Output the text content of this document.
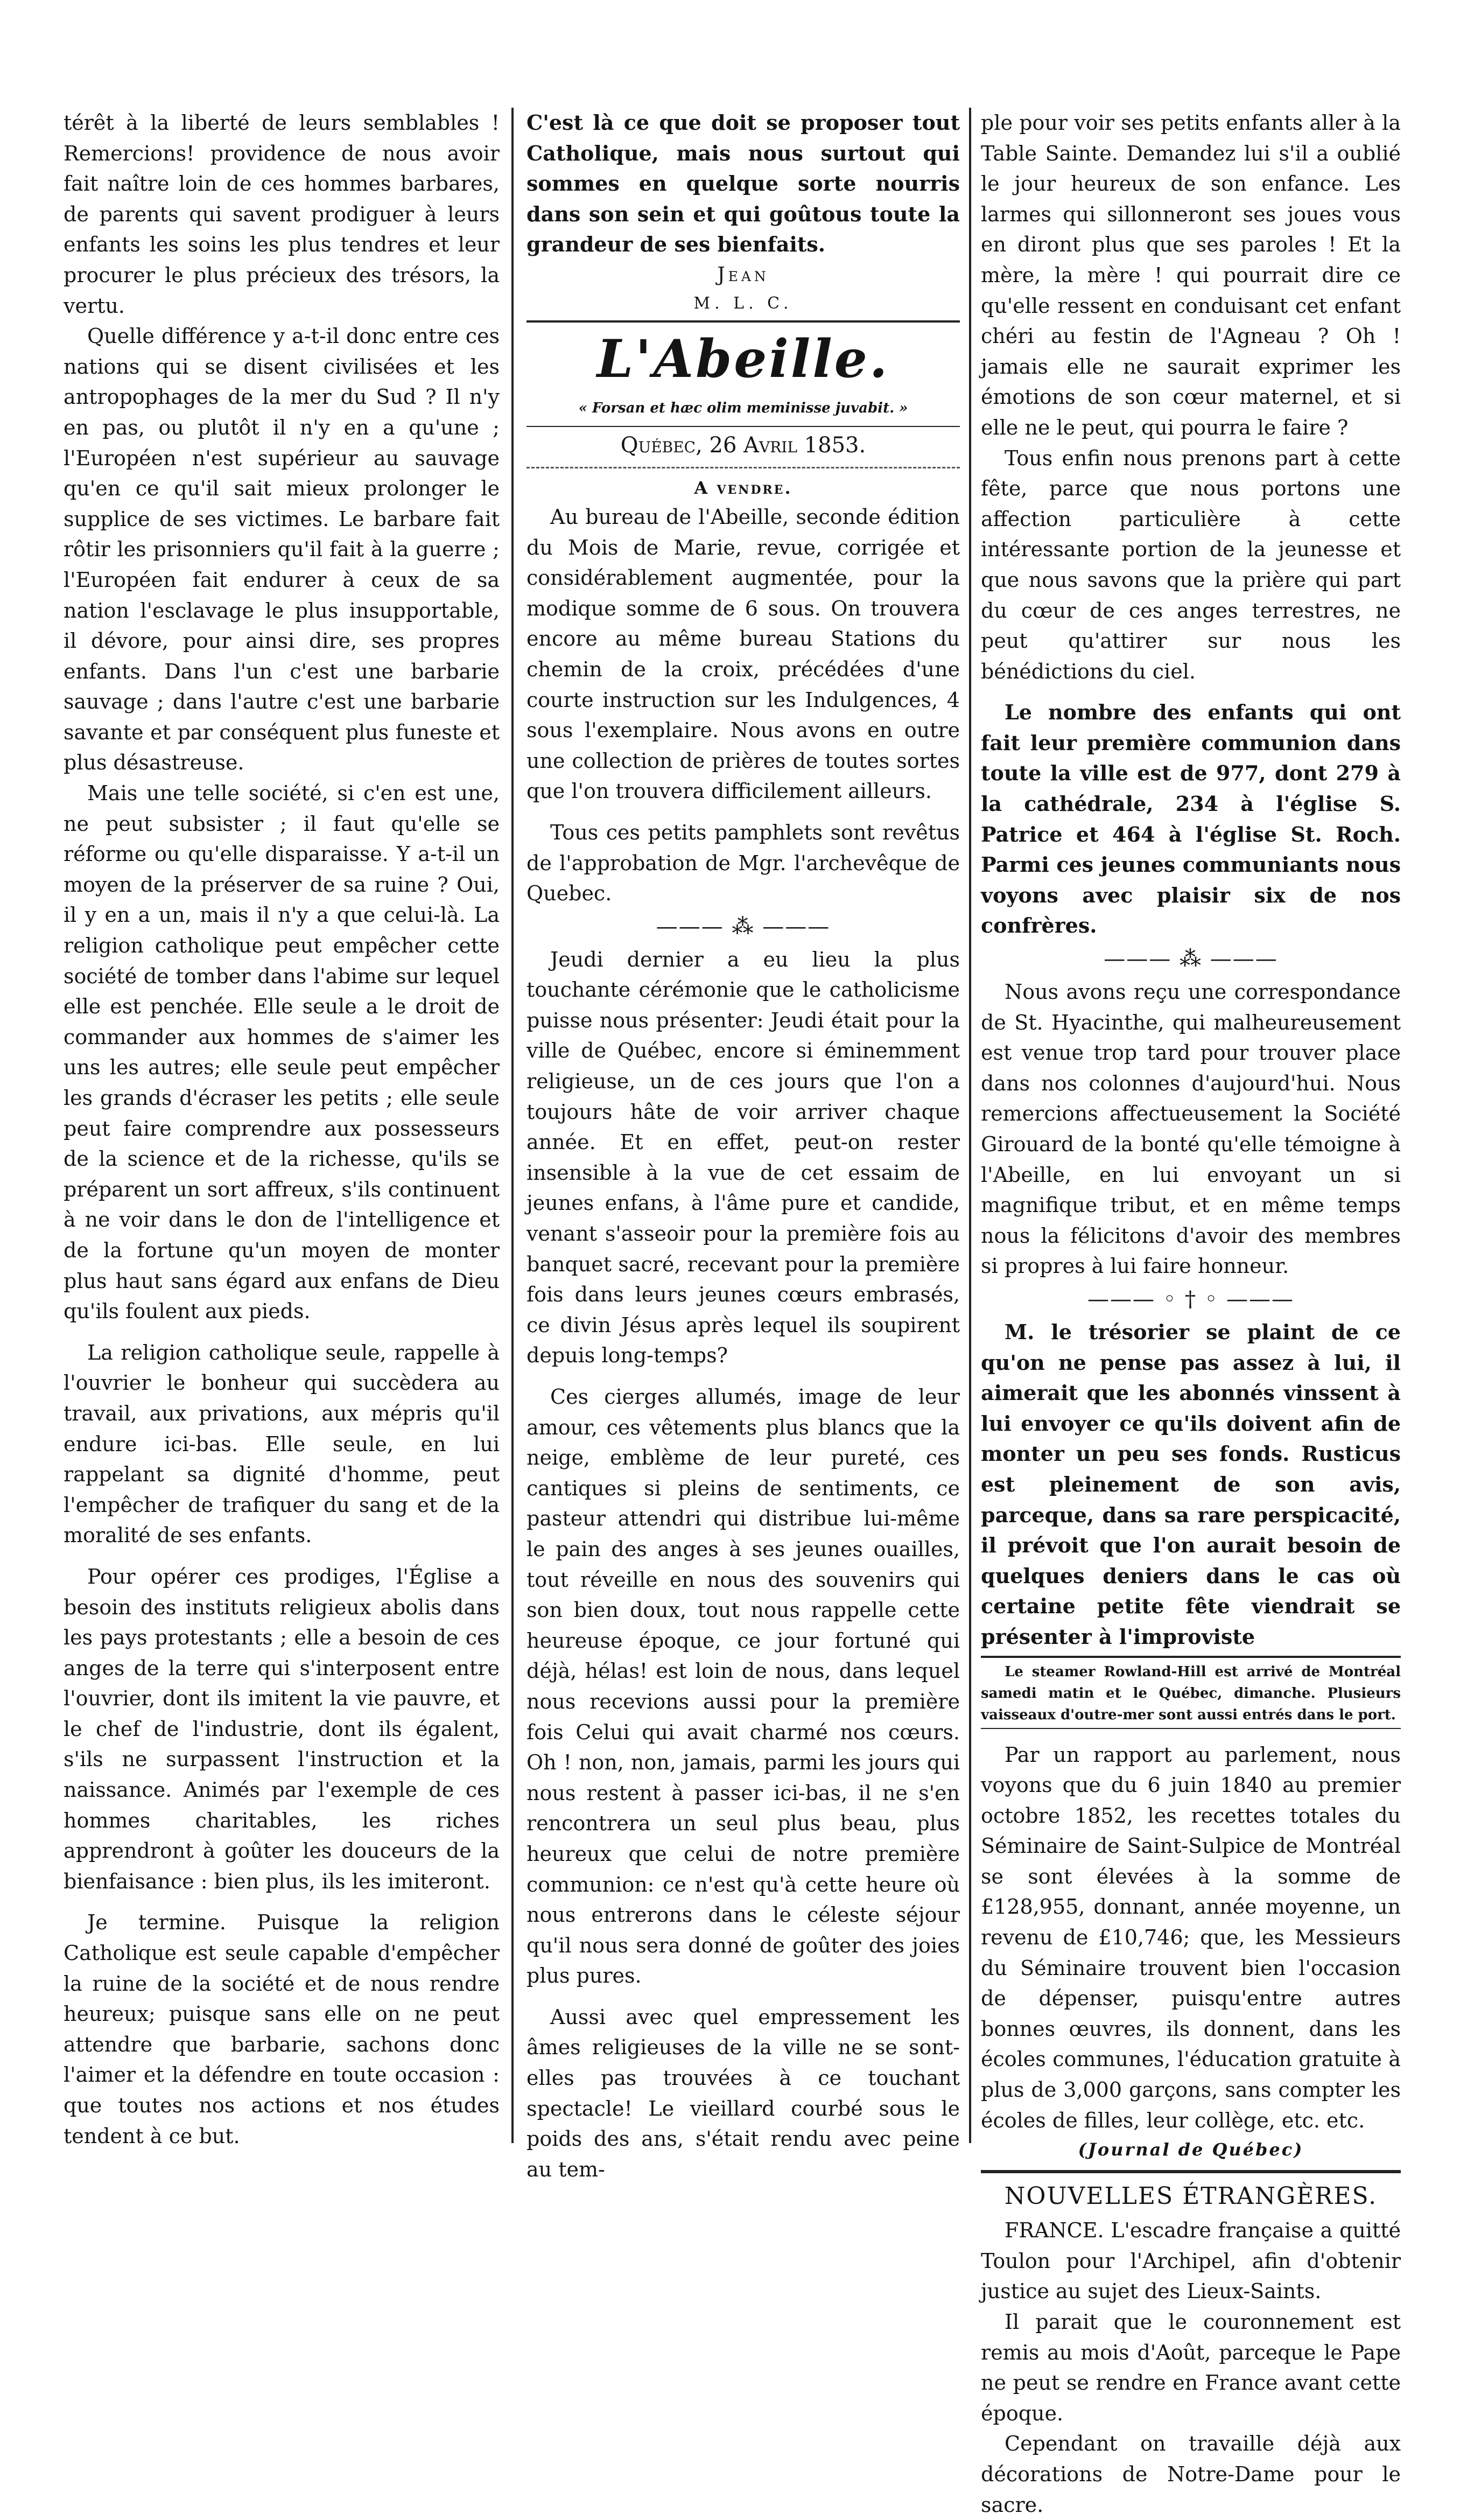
térêt à la liberté de leurs semblables ! Remercions! providence de nous avoir fait naître loin de ces hommes barbares, de parents qui savent prodiguer à leurs enfants les soins les plus tendres et leur procurer le plus précieux des trésors, la vertu.

Quelle différence y a-t-il donc entre ces nations qui se disent civilisées et les antropophages de la mer du Sud ? Il n'y en pas, ou plutôt il n'y en a qu'une ; l'Européen n'est supérieur au sauvage qu'en ce qu'il sait mieux prolonger le supplice de ses victimes. Le barbare fait rôtir les prisonniers qu'il fait à la guerre ; l'Européen fait endurer à ceux de sa nation l'esclavage le plus insupportable, il dévore, pour ainsi dire, ses propres enfants. Dans l'un c'est une barbarie sauvage ; dans l'autre c'est une barbarie savante et par conséquent plus funeste et plus désastreuse.

Mais une telle société, si c'en est une, ne peut subsister ; il faut qu'elle se réforme ou qu'elle disparaisse. Y a-t-il un moyen de la préserver de sa ruine ? Oui, il y en a un, mais il n'y a que celui-là. La religion catholique peut empêcher cette société de tomber dans l'abime sur lequel elle est penchée. Elle seule a le droit de commander aux hommes de s'aimer les uns les autres; elle seule peut empêcher les grands d'écraser les petits ; elle seule peut faire comprendre aux possesseurs de la science et de la richesse, qu'ils se préparent un sort affreux, s'ils continuent à ne voir dans le don de l'intelligence et de la fortune qu'un moyen de monter plus haut sans égard aux enfans de Dieu qu'ils foulent aux pieds.

La religion catholique seule, rappelle à l'ouvrier le bonheur qui succèdera au travail, aux privations, aux mépris qu'il endure ici-bas. Elle seule, en lui rappelant sa dignité d'homme, peut l'empêcher de trafiquer du sang et de la moralité de ses enfants.

Pour opérer ces prodiges, l'Église a besoin des instituts religieux abolis dans les pays protestants ; elle a besoin de ces anges de la terre qui s'interposent entre l'ouvrier, dont ils imitent la vie pauvre, et le chef de l'industrie, dont ils égalent, s'ils ne surpassent l'instruction et la naissance. Animés par l'exemple de ces hommes charitables, les riches apprendront à goûter les douceurs de la bienfaisance : bien plus, ils les imiteront.

Je termine. Puisque la religion Catholique est seule capable d'empêcher la ruine de la société et de nous rendre heureux; puisque sans elle on ne peut attendre que barbarie, sachons donc l'aimer et la défendre en toute occasion : que toutes nos actions et nos études tendent à ce but.

C'est là ce que doit se proposer tout Catholique, mais nous surtout qui sommes en quelque sorte nourris dans son sein et qui goûtous toute la grandeur de ses bienfaits.

Jean
M. L. C.
L'Abeille.
« Forsan et hæc olim meminisse juvabit. »
Québec, 26 Avril 1853.
A vendre.

Au bureau de l'Abeille, seconde édition du Mois de Marie, revue, corrigée et considérablement augmentée, pour la modique somme de 6 sous. On trouvera encore au même bureau Stations du chemin de la croix, précédées d'une courte instruction sur les Indulgences, 4 sous l'exemplaire. Nous avons en outre une collection de prières de toutes sortes que l'on trouvera difficilement ailleurs.

Tous ces petits pamphlets sont revêtus de l'approbation de Mgr. l'archevêque de Quebec.

——— ⁂ ———

Jeudi dernier a eu lieu la plus touchante cérémonie que le catholicisme puisse nous présenter: Jeudi était pour la ville de Québec, encore si éminemment religieuse, un de ces jours que l'on a toujours hâte de voir arriver chaque année. Et en effet, peut-on rester insensible à la vue de cet essaim de jeunes enfans, à l'âme pure et candide, venant s'asseoir pour la première fois au banquet sacré, recevant pour la première fois dans leurs jeunes cœurs embrasés, ce divin Jésus après lequel ils soupirent depuis long-temps?

Ces cierges allumés, image de leur amour, ces vêtements plus blancs que la neige, emblème de leur pureté, ces cantiques si pleins de sentiments, ce pasteur attendri qui distribue lui-même le pain des anges à ses jeunes ouailles, tout réveille en nous des souvenirs qui son bien doux, tout nous rappelle cette heureuse époque, ce jour fortuné qui déjà, hélas! est loin de nous, dans lequel nous recevions aussi pour la première fois Celui qui avait charmé nos cœurs. Oh ! non, non, jamais, parmi les jours qui nous restent à passer ici-bas, il ne s'en rencontrera un seul plus beau, plus heureux que celui de notre première communion: ce n'est qu'à cette heure où nous entrerons dans le céleste séjour qu'il nous sera donné de goûter des joies plus pures.

Aussi avec quel empressement les âmes religieuses de la ville ne se sont-elles pas trouvées à ce touchant spectacle! Le vieillard courbé sous le poids des ans, s'était rendu avec peine au tem-

ple pour voir ses petits enfants aller à la Table Sainte. Demandez lui s'il a oublié le jour heureux de son enfance. Les larmes qui sillonneront ses joues vous en diront plus que ses paroles ! Et la mère, la mère ! qui pourrait dire ce qu'elle ressent en conduisant cet enfant chéri au festin de l'Agneau ? Oh ! jamais elle ne saurait exprimer les émotions de son cœur maternel, et si elle ne le peut, qui pourra le faire ?

Tous enfin nous prenons part à cette fête, parce que nous portons une affection particulière à cette intéressante portion de la jeunesse et que nous savons que la prière qui part du cœur de ces anges terrestres, ne peut qu'attirer sur nous les bénédictions du ciel.

Le nombre des enfants qui ont fait leur première communion dans toute la ville est de 977, dont 279 à la cathédrale, 234 à l'église S. Patrice et 464 à l'église St. Roch. Parmi ces jeunes communiants nous voyons avec plaisir six de nos confrères.

——— ⁂ ———

Nous avons reçu une correspondance de St. Hyacinthe, qui malheureusement est venue trop tard pour trouver place dans nos colonnes d'aujourd'hui. Nous remercions affectueusement la Société Girouard de la bonté qu'elle témoigne à l'Abeille, en lui envoyant un si magnifique tribut, et en même temps nous la félicitons d'avoir des membres si propres à lui faire honneur.

——— ◦ † ◦ ———

M. le trésorier se plaint de ce qu'on ne pense pas assez à lui, il aimerait que les abonnés vinssent à lui envoyer ce qu'ils doivent afin de monter un peu ses fonds. Rusticus est pleinement de son avis, parceque, dans sa rare perspicacité, il prévoit que l'on aurait besoin de quelques deniers dans le cas où certaine petite fête viendrait se présenter à l'improviste

Le steamer Rowland-Hill est arrivé de Montréal samedi matin et le Québec, dimanche. Plusieurs vaisseaux d'outre-mer sont aussi entrés dans le port.

Par un rapport au parlement, nous voyons que du 6 juin 1840 au premier octobre 1852, les recettes totales du Séminaire de Saint-Sulpice de Montréal se sont élevées à la somme de £128,955, donnant, année moyenne, un revenu de £10,746; que, les Messieurs du Séminaire trouvent bien l'occasion de dépenser, puisqu'entre autres bonnes œuvres, ils donnent, dans les écoles communes, l'éducation gratuite à plus de 3,000 garçons, sans compter les écoles de filles, leur collège, etc. etc.

(Journal de Québec)
NOUVELLES ÉTRANGÈRES.

FRANCE. L'escadre française a quitté Toulon pour l'Archipel, afin d'obtenir justice au sujet des Lieux-Saints.

Il parait que le couronnement est remis au mois d'Août, parceque le Pape ne peut se rendre en France avant cette époque.

Cependant on travaille déjà aux décorations de Notre-Dame pour le sacre.
